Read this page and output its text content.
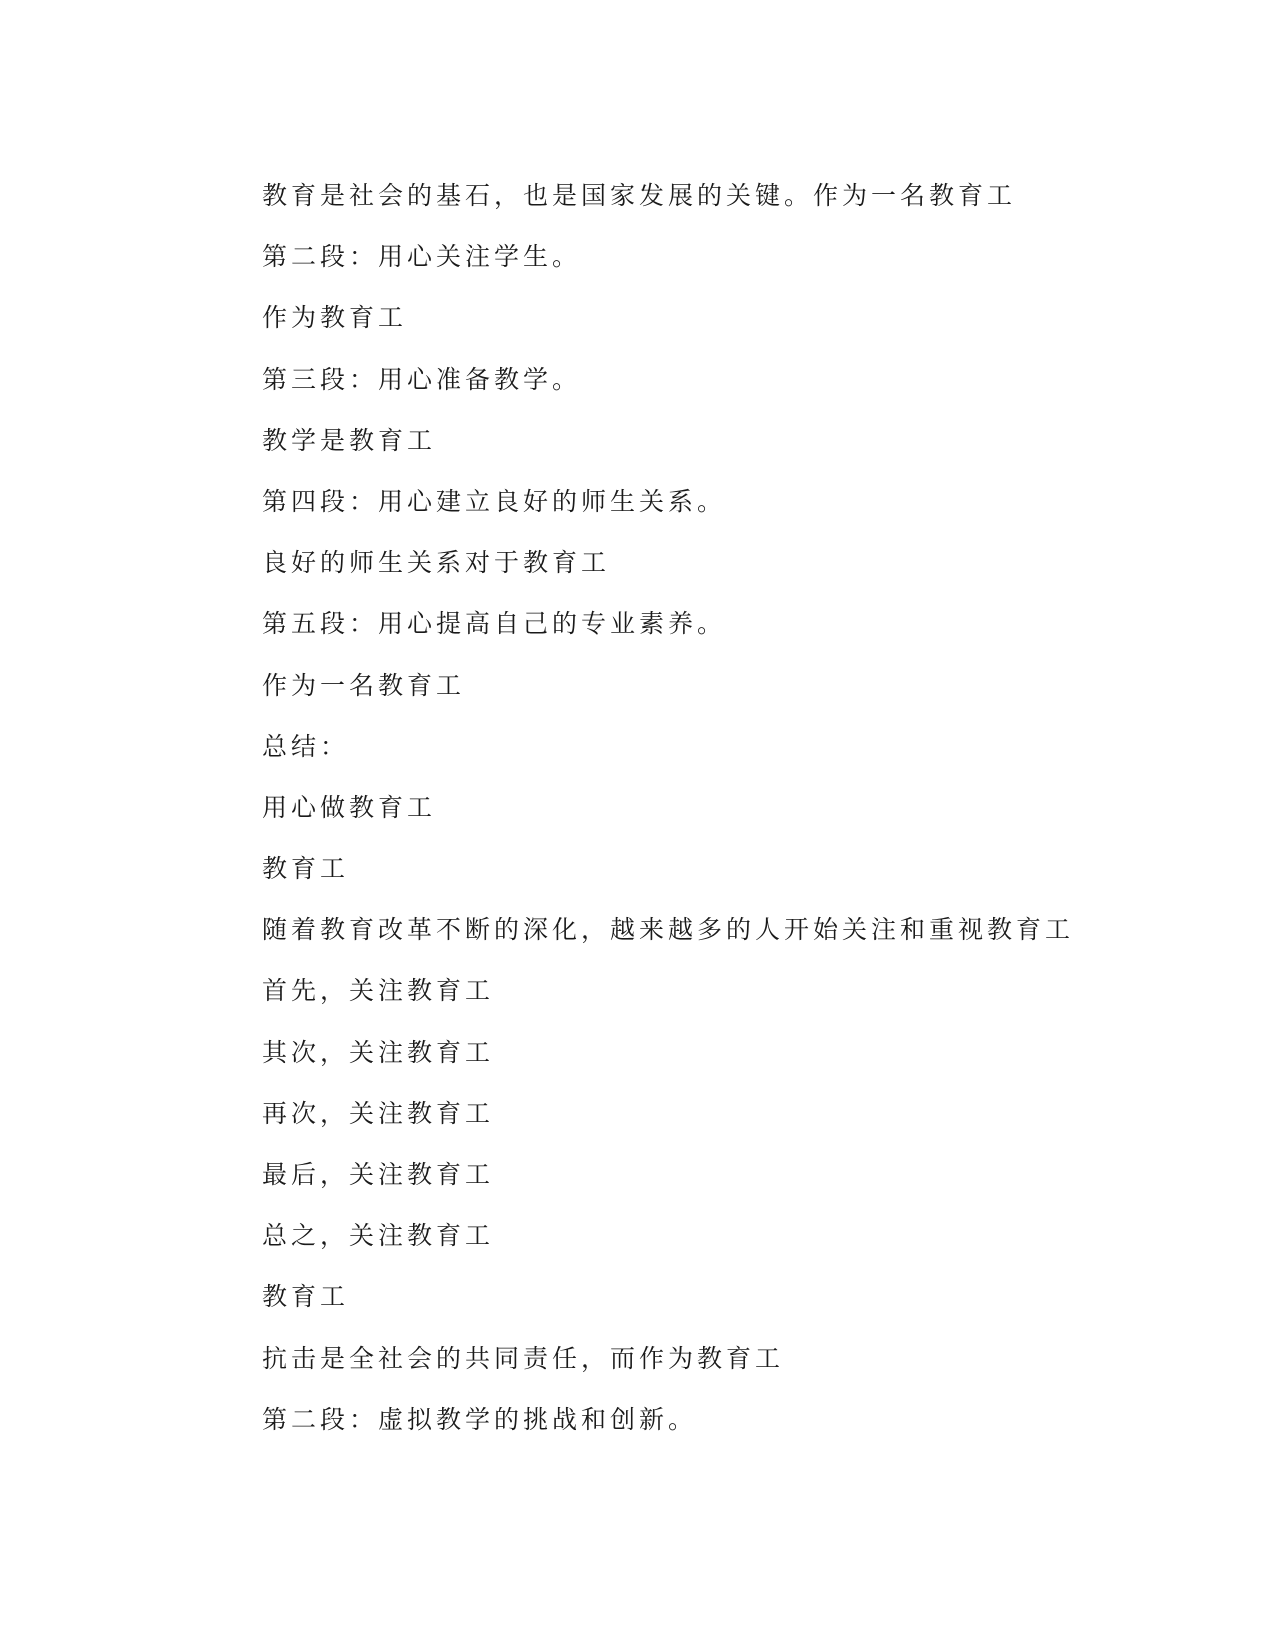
教育是社会的基石，也是国家发展的关键。作为一名教育工

第二段：用心关注学生。

作为教育工

第三段：用心准备教学。

教学是教育工

第四段：用心建立良好的师生关系。

良好的师生关系对于教育工

第五段：用心提高自己的专业素养。

作为一名教育工

总结：

用心做教育工

教育工

随着教育改革不断的深化，越来越多的人开始关注和重视教育工

首先，关注教育工

其次，关注教育工

再次，关注教育工

最后，关注教育工

总之，关注教育工

教育工

抗击是全社会的共同责任，而作为教育工

第二段：虚拟教学的挑战和创新。
